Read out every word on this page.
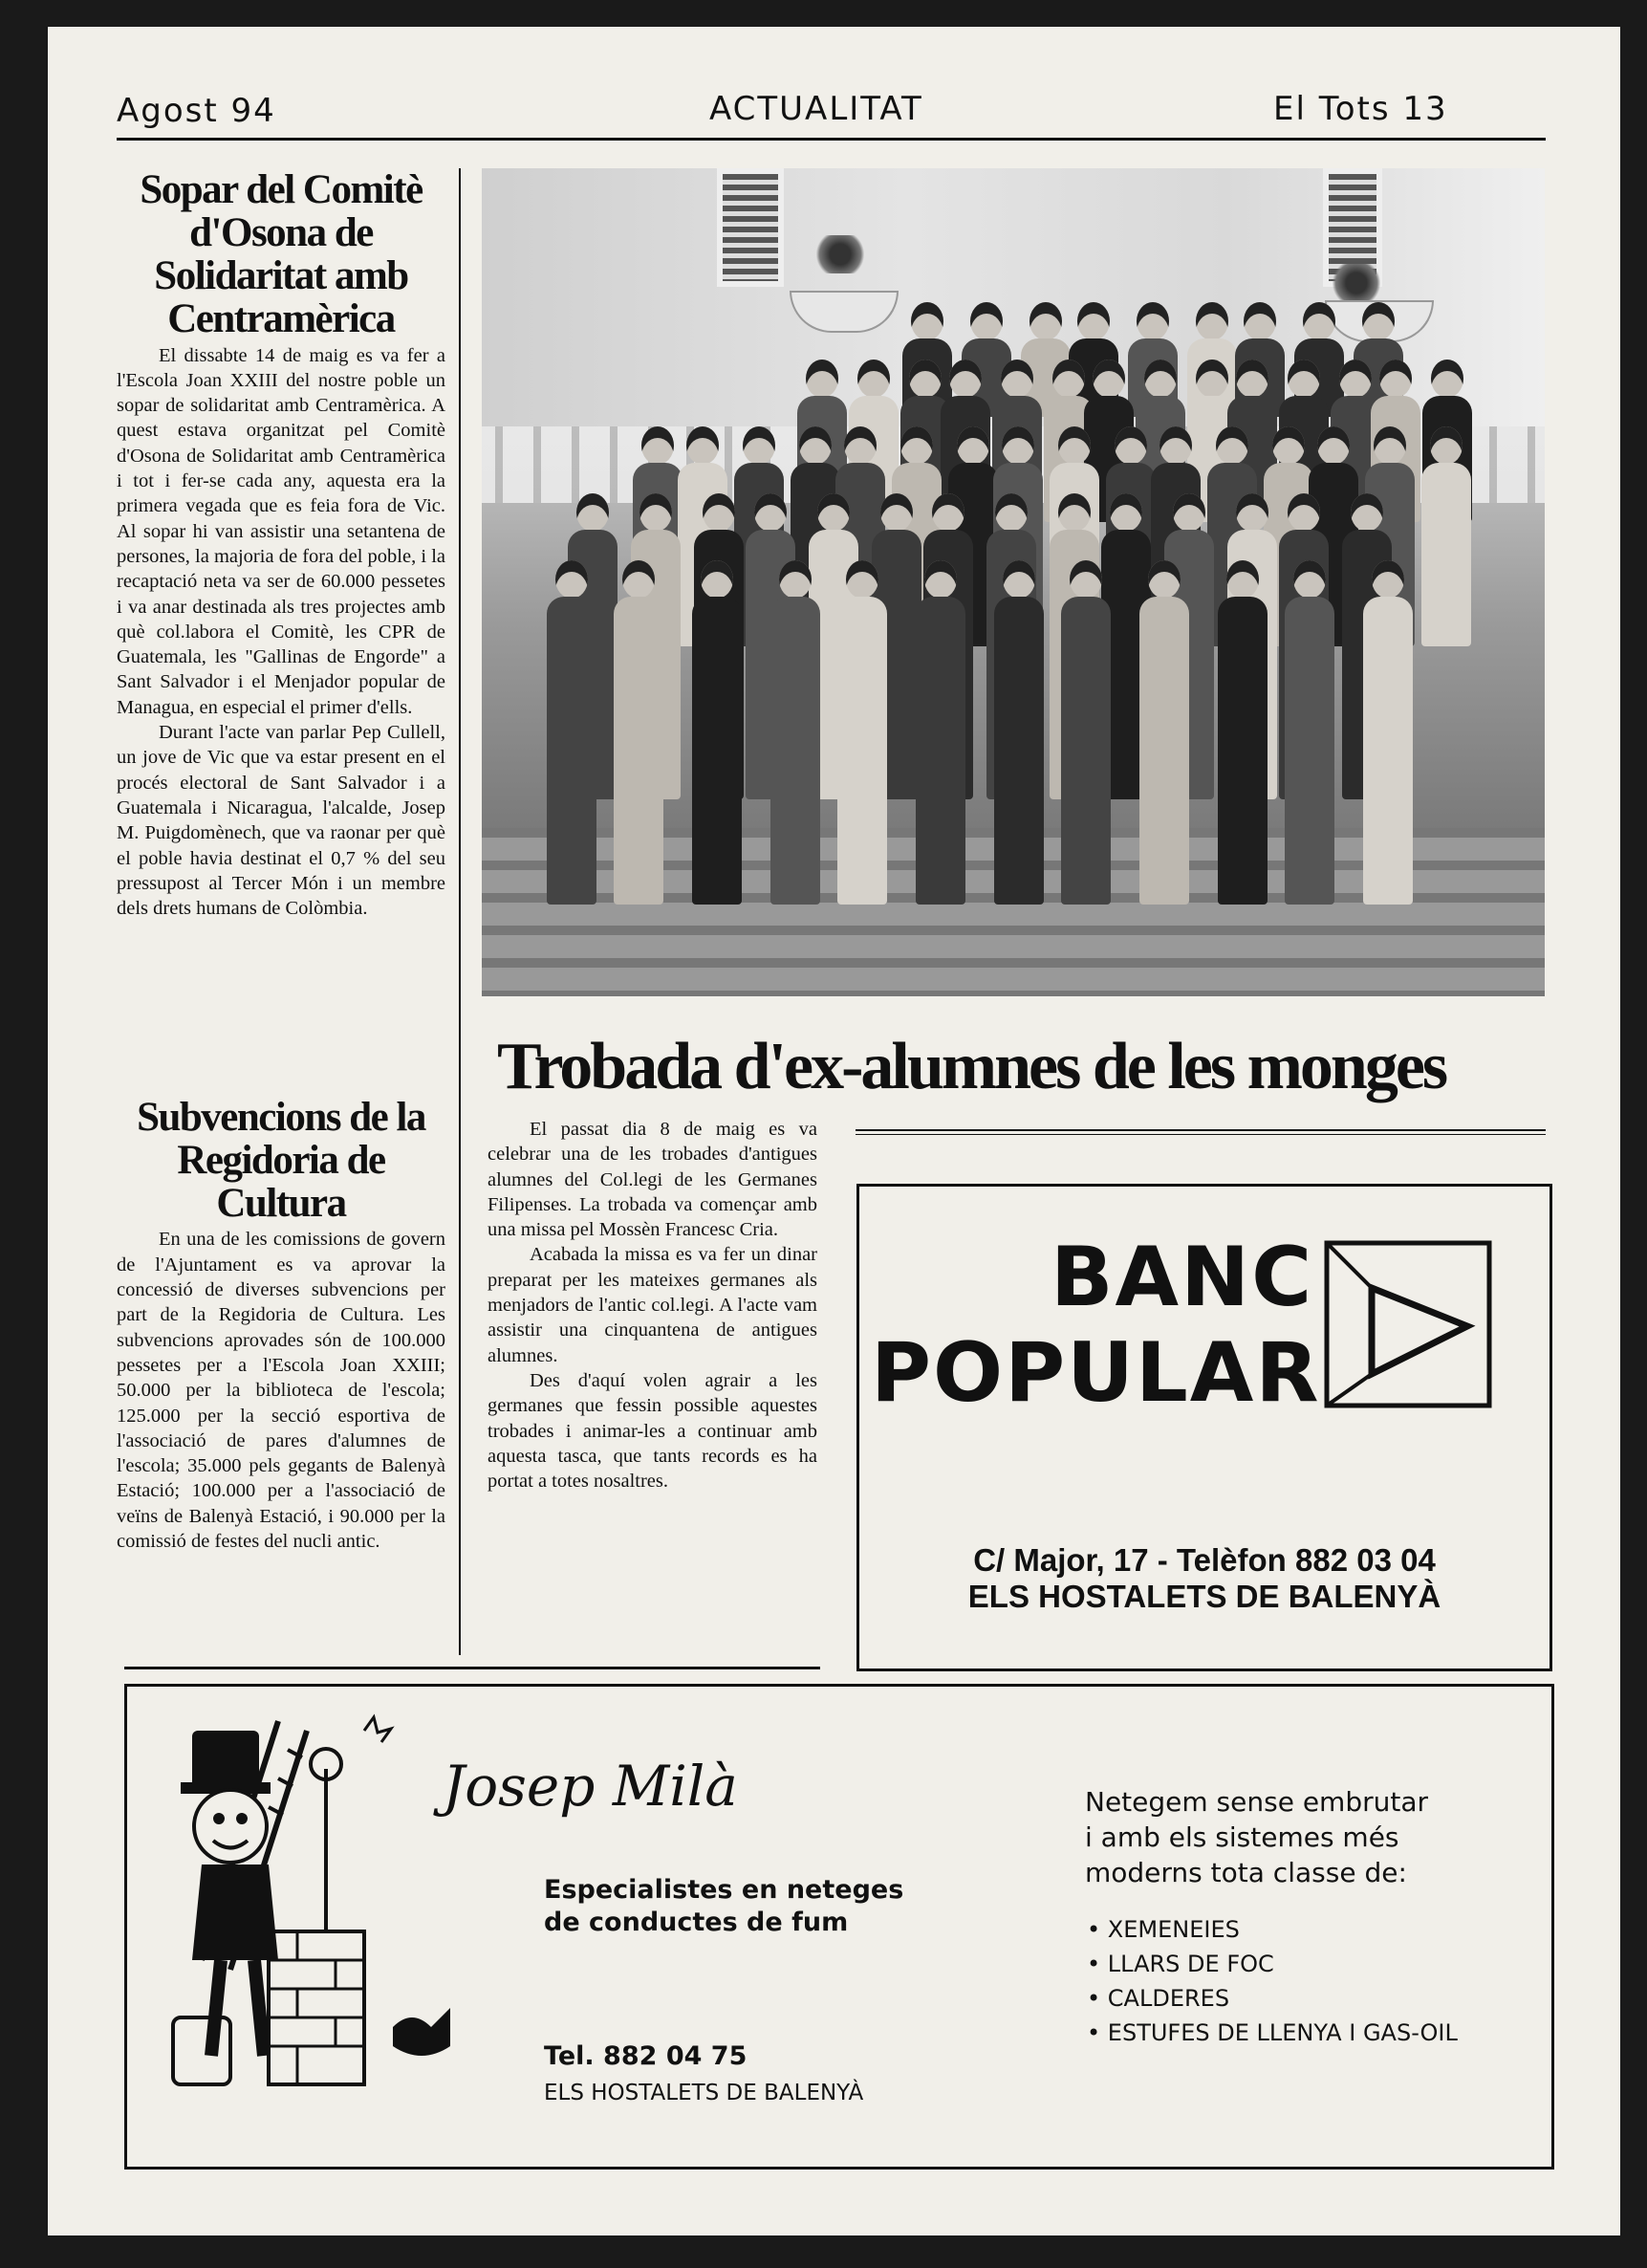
Agost 94	ACTUALITAT	El Tots 13
Sopar del Comitè d'Osona de Solidaritat amb Centramèrica

El dissabte 14 de maig es va fer a l'Escola Joan XXIII del nostre poble un sopar de solidaritat amb Centramèrica. A quest estava organitzat pel Comitè d'Osona de Solidaritat amb Centramèrica i tot i fer-se cada any, aquesta era la primera vegada que es feia fora de Vic. Al sopar hi van assistir una setantena de persones, la majoria de fora del poble, i la recaptació neta va ser de 60.000 pessetes i va anar destinada als tres projectes amb què col.labora el Comitè, les CPR de Guatemala, les "Gallinas de Engorde" a Sant Salvador i el Menjador popular de Managua, en especial el primer d'ells.

Durant l'acte van parlar Pep Cullell, un jove de Vic que va estar present en el procés electoral de Sant Salvador i a Guatemala i Nicaragua, l'alcalde, Josep M. Puigdomènech, que va raonar per què el poble havia destinat el 0,7 % del seu pressupost al Tercer Món i un membre dels drets humans de Colòmbia.

Subvencions de la Regidoria de Cultura

En una de les comissions de govern de l'Ajuntament es va aprovar la concessió de diverses subvencions per part de la Regidoria de Cultura. Les subvencions aprovades són de 100.000 pessetes per a l'Escola Joan XXIII; 50.000 per la biblioteca de l'escola; 125.000 per la secció esportiva de l'associació de pares d'alumnes de l'escola; 35.000 pels gegants de Balenyà Estació; 100.000 per a l'associació de veïns de Balenyà Estació, i 90.000 per la comissió de festes del nucli antic.

Trobada d'ex-alumnes de les monges

El passat dia 8 de maig es va celebrar una de les trobades d'antigues alumnes del Col.legi de les Germanes Filipenses. La trobada va començar amb una missa pel Mossèn Francesc Cria.

Acabada la missa es va fer un dinar preparat per les mateixes germanes als menjadors de l'antic col.legi. A l'acte vam assistir una cinquantena de antigues alumnes.

Des d'aquí volen agrair a les germanes que fessin possible aquestes trobades i animar-les a continuar amb aquesta tasca, que tants records es ha portat a totes nosaltres.

BANC
POPULAR
C/ Major, 17 - Telèfon 882 03 04
ELS HOSTALETS DE BALENYÀ
Josep Milà
Especialistes en neteges
de conductes de fum
Tel. 882 04 75
ELS HOSTALETS DE BALENYÀ
Netegem sense embrutar
i amb els sistemes més
moderns tota classe de:
• XEMENEIES
• LLARS DE FOC
• CALDERES
• ESTUFES DE LLENYA I GAS-OIL
